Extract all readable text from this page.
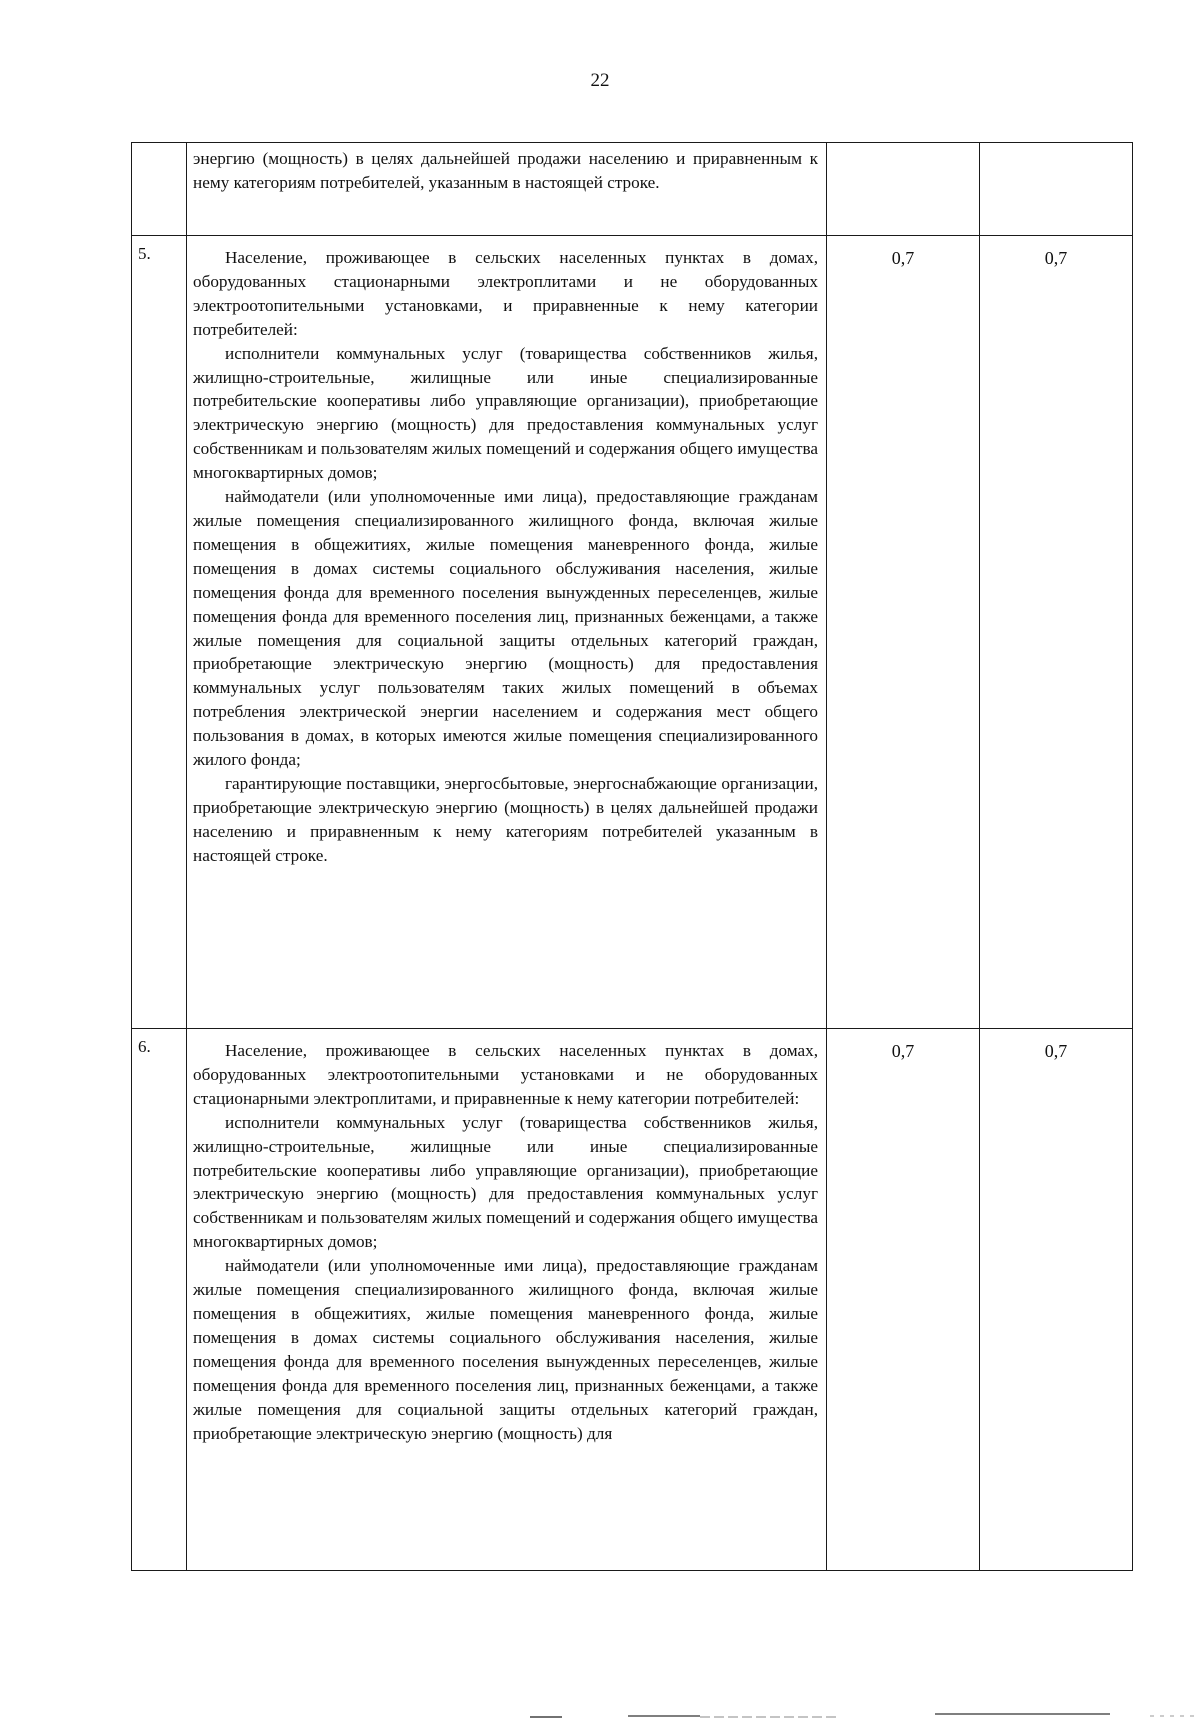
22

	энергию (мощность) в целях дальнейшей продажи населению и приравненным к нему категориям потребителей, указанным в настоящей строке.		

5.	Население, проживающее в сельских населенных пунктах в домах, оборудованных стационарными электроплитами и не оборудованных электроотопительными установками, и приравненные к нему категории потребителей:

исполнители коммунальных услуг (товарищества собственников жилья, жилищно-строительные, жилищные или иные специализированные потребительские кооперативы либо управляющие организации), приобретающие электрическую энергию (мощность) для предоставления коммунальных услуг собственникам и пользователям жилых помещений и содержания общего имущества многоквартирных домов;

наймодатели (или уполномоченные ими лица), предоставляющие гражданам жилые помещения специализированного жилищного фонда, включая жилые помещения в общежитиях, жилые помещения маневренного фонда, жилые помещения в домах системы социального обслуживания населения, жилые помещения фонда для временного поселения вынужденных переселенцев, жилые помещения фонда для временного поселения лиц, признанных беженцами, а также жилые помещения для социальной защиты отдельных категорий граждан, приобретающие электрическую энергию (мощность) для предоставления коммунальных услуг пользователям таких жилых помещений в объемах потребления электрической энергии населением и содержания мест общего пользования в домах, в которых имеются жилые помещения специализированного жилого фонда;

гарантирующие поставщики, энергосбытовые, энергоснабжающие организации, приобретающие электрическую энергию (мощность) в целях дальнейшей продажи населению и приравненным к нему категориям потребителей указанным в настоящей строке.	0,7	0,7
6.	Население, проживающее в сельских населенных пунктах в домах, оборудованных электроотопительными установками и не оборудованных стационарными электроплитами, и приравненные к нему категории потребителей:

исполнители коммунальных услуг (товарищества собственников жилья, жилищно-строительные, жилищные или иные специализированные потребительские кооперативы либо управляющие организации), приобретающие электрическую энергию (мощность) для предоставления коммунальных услуг собственникам и пользователям жилых помещений и содержания общего имущества многоквартирных домов;

наймодатели (или уполномоченные ими лица), предоставляющие гражданам жилые помещения специализированного жилищного фонда, включая жилые помещения в общежитиях, жилые помещения маневренного фонда, жилые помещения в домах системы социального обслуживания населения, жилые помещения фонда для временного поселения вынужденных переселенцев, жилые помещения фонда для временного поселения лиц, признанных беженцами, а также жилые помещения для социальной защиты отдельных категорий граждан, приобретающие электрическую энергию (мощность) для	0,7	0,7
